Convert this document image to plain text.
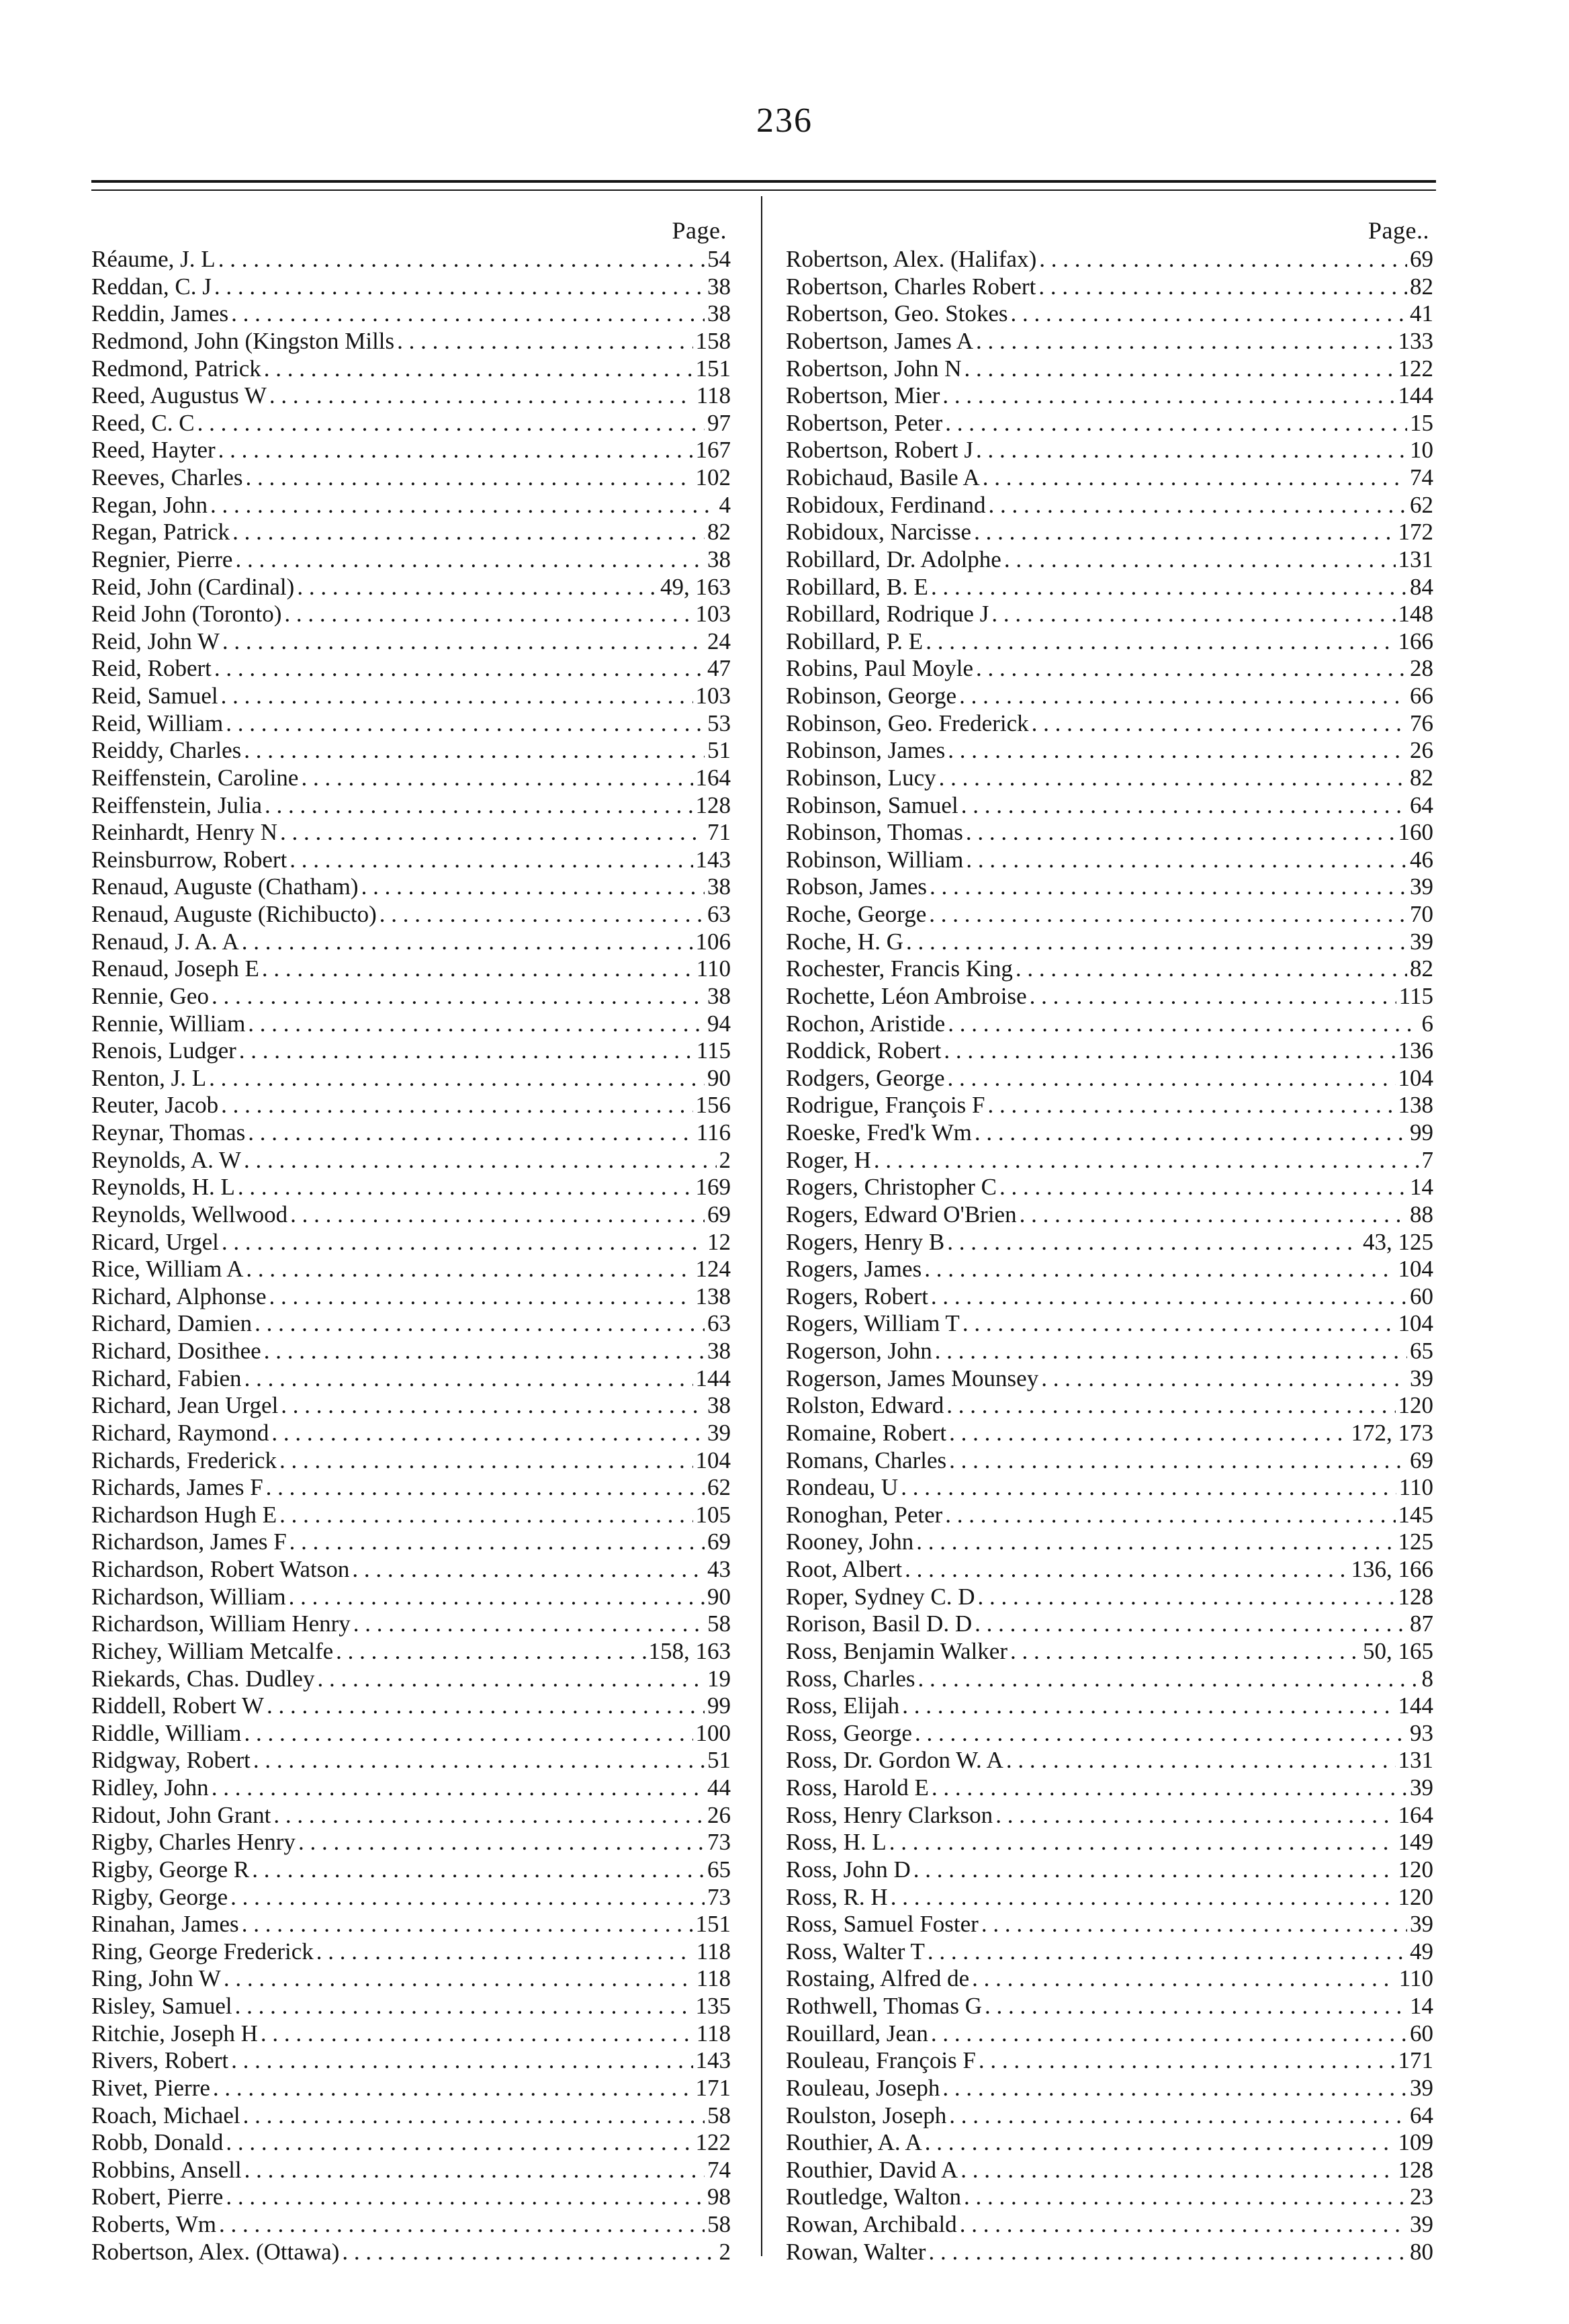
236
Page.
Réaume, J. L . . .	54
Reddan, C. J . . .	38
Reddin, James . . .	38
Redmond, John (Kingston Mills . . .	158
Redmond, Patrick . . .	151
Reed, Augustus W . . .	118
Reed, C. C . . .	97
Reed, Hayter . . .	167
Reeves, Charles . . .	102
Regan, John . . .	4
Regan, Patrick . . .	82
Regnier, Pierre . . .	38
Reid, John (Cardinal) . . .	49, 163
Reid John (Toronto) . . .	103
Reid, John W . . .	24
Reid, Robert . . .	47
Reid, Samuel . . .	103
Reid, William . . .	53
Reiddy, Charles . . .	51
Reiffenstein, Caroline . . .	164
Reiffenstein, Julia . . .	128
Reinhardt, Henry N . . .	71
Reinsburrow, Robert . . .	143
Renaud, Auguste (Chatham) . . .	38
Renaud, Auguste (Richibucto) . . .	63
Renaud, J. A. A . . .	106
Renaud, Joseph E . . .	110
Rennie, Geo . . .	38
Rennie, William . . .	94
Renois, Ludger . . .	115
Renton, J. L . . .	90
Reuter, Jacob . . .	156
Reynar, Thomas . . .	116
Reynolds, A. W . . .	2
Reynolds, H. L . . .	169
Reynolds, Wellwood . . .	69
Ricard, Urgel . . .	12
Rice, William A . . .	124
Richard, Alphonse . . .	138
Richard, Damien . . .	63
Richard, Dosithee . . .	38
Richard, Fabien . . .	144
Richard, Jean Urgel . . .	38
Richard, Raymond . . .	39
Richards, Frederick . . .	104
Richards, James F . . .	62
Richardson Hugh E . . .	105
Richardson, James F . . .	69
Richardson, Robert Watson . . .	43
Richardson, William . . .	90
Richardson, William Henry . . .	58
Richey, William Metcalfe . . .	158, 163
Riekards, Chas. Dudley . . .	19
Riddell, Robert W . . .	99
Riddle, William . . .	100
Ridgway, Robert . . .	51
Ridley, John . . .	44
Ridout, John Grant . . .	26
Rigby, Charles Henry . . .	73
Rigby, George R . . .	65
Rigby, George . . .	73
Rinahan, James . . .	151
Ring, George Frederick . . .	118
Ring, John W . . .	118
Risley, Samuel . . .	135
Ritchie, Joseph H . . .	118
Rivers, Robert . . .	143
Rivet, Pierre . . .	171
Roach, Michael . . .	58
Robb, Donald . . .	122
Robbins, Ansell . . .	74
Robert, Pierre . . .	98
Roberts, Wm . . .	58
Robertson, Alex. (Ottawa) . . .	2
Page..
Robertson, Alex. (Halifax) . . .	69
Robertson, Charles Robert . . .	82
Robertson, Geo. Stokes . . .	41
Robertson, James A . . .	133
Robertson, John N . . .	122
Robertson, Mier . . .	144
Robertson, Peter . . .	15
Robertson, Robert J . . .	10
Robichaud, Basile A . . .	74
Robidoux, Ferdinand . . .	62
Robidoux, Narcisse . . .	172
Robillard, Dr. Adolphe . . .	131
Robillard, B. E . . .	84
Robillard, Rodrique J . . .	148
Robillard, P. E . . .	166
Robins, Paul Moyle . . .	28
Robinson, George . . .	66
Robinson, Geo. Frederick . . .	76
Robinson, James . . .	26
Robinson, Lucy . . .	82
Robinson, Samuel . . .	64
Robinson, Thomas . . .	160
Robinson, William . . .	46
Robson, James . . .	39
Roche, George . . .	70
Roche, H. G . . .	39
Rochester, Francis King . . .	82
Rochette, Léon Ambroise . . .	115
Rochon, Aristide . . .	6
Roddick, Robert . . .	136
Rodgers, George . . .	104
Rodrigue, François F . . .	138
Roeske, Fred'k Wm . . .	99
Roger, H . . .	7
Rogers, Christopher C . . .	14
Rogers, Edward O'Brien . . .	88
Rogers, Henry B . . .	43, 125
Rogers, James . . .	104
Rogers, Robert . . .	60
Rogers, William T . . .	104
Rogerson, John . . .	65
Rogerson, James Mounsey . . .	39
Rolston, Edward . . .	120
Romaine, Robert . . .	172, 173
Romans, Charles . . .	69
Rondeau, U . . .	110
Ronoghan, Peter . . .	145
Rooney, John . . .	125
Root, Albert . . .	136, 166
Roper, Sydney C. D . . .	128
Rorison, Basil D. D . . .	87
Ross, Benjamin Walker . . .	50, 165
Ross, Charles . . .	8
Ross, Elijah . . .	144
Ross, George . . .	93
Ross, Dr. Gordon W. A . . .	131
Ross, Harold E . . .	39
Ross, Henry Clarkson . . .	164
Ross, H. L . . .	149
Ross, John D . . .	120
Ross, R. H . . .	120
Ross, Samuel Foster . . .	39
Ross, Walter T . . .	49
Rostaing, Alfred de . . .	110
Rothwell, Thomas G . . .	14
Rouillard, Jean . . .	60
Rouleau, François F . . .	171
Rouleau, Joseph . . .	39
Roulston, Joseph . . .	64
Routhier, A. A . . .	109
Routhier, David A . . .	128
Routledge, Walton . . .	23
Rowan, Archibald . . .	39
Rowan, Walter . . .	80
